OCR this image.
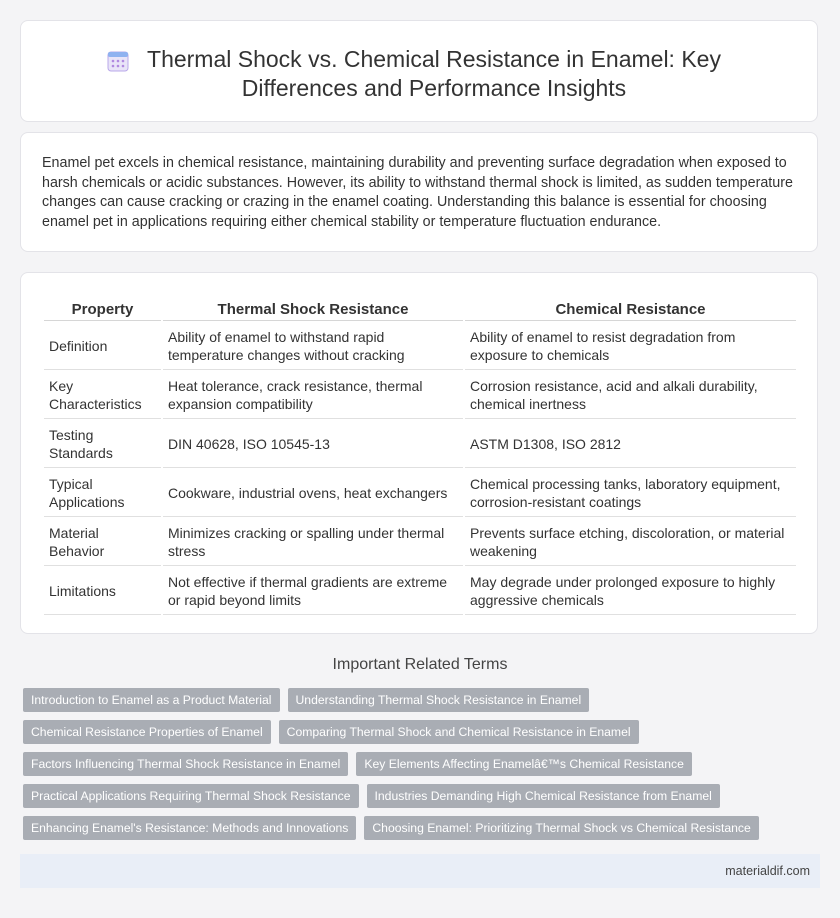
Thermal Shock vs. Chemical Resistance in Enamel: Key Differences and Performance Insights

Enamel pet excels in chemical resistance, maintaining durability and preventing surface degradation when exposed to harsh chemicals or acidic substances. However, its ability to withstand thermal shock is limited, as sudden temperature changes can cause cracking or crazing in the enamel coating. Understanding this balance is essential for choosing enamel pet in applications requiring either chemical stability or temperature fluctuation endurance.

Property	Thermal Shock Resistance	Chemical Resistance
Definition	Ability of enamel to withstand rapid temperature changes without cracking	Ability of enamel to resist degradation from exposure to chemicals
Key Characteristics	Heat tolerance, crack resistance, thermal expansion compatibility	Corrosion resistance, acid and alkali durability, chemical inertness
Testing Standards	DIN 40628, ISO 10545-13	ASTM D1308, ISO 2812
Typical Applications	Cookware, industrial ovens, heat exchangers	Chemical processing tanks, laboratory equipment, corrosion-resistant coatings
Material Behavior	Minimizes cracking or spalling under thermal stress	Prevents surface etching, discoloration, or material weakening
Limitations	Not effective if thermal gradients are extreme or rapid beyond limits	May degrade under prolonged exposure to highly aggressive chemicals
Important Related Terms
Introduction to Enamel as a Product Material	Understanding Thermal Shock Resistance in Enamel
Chemical Resistance Properties of Enamel	Comparing Thermal Shock and Chemical Resistance in Enamel
Factors Influencing Thermal Shock Resistance in Enamel	Key Elements Affecting Enamelâ€™s Chemical Resistance
Practical Applications Requiring Thermal Shock Resistance	Industries Demanding High Chemical Resistance from Enamel
Enhancing Enamel's Resistance: Methods and Innovations	Choosing Enamel: Prioritizing Thermal Shock vs Chemical Resistance
materialdif.com
